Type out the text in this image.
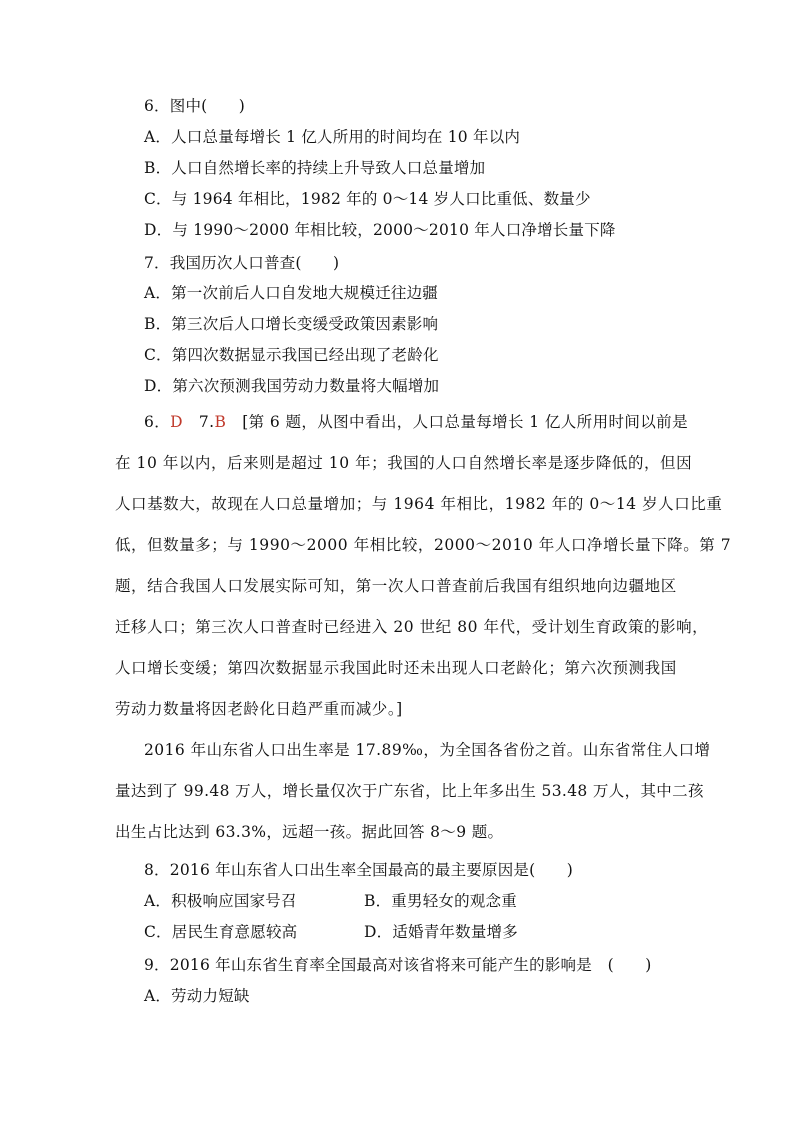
6．图中(　　)
A．人口总量每增长 1 亿人所用的时间均在 10 年以内
B．人口自然增长率的持续上升导致人口总量增加
C．与 1964 年相比，1982 年的 0～14 岁人口比重低、数量少
D．与 1990～2000 年相比较，2000～2010 年人口净增长量下降
7．我国历次人口普查(　　)
A．第一次前后人口自发地大规模迁往边疆
B．第三次后人口增长变缓受政策因素影响
C．第四次数据显示我国已经出现了老龄化
D．第六次预测我国劳动力数量将大幅增加
6．D　7.B　[第 6 题，从图中看出，人口总量每增长 1 亿人所用时间以前是
在 10 年以内，后来则是超过 10 年；我国的人口自然增长率是逐步降低的，但因
人口基数大，故现在人口总量增加；与 1964 年相比，1982 年的 0～14 岁人口比重
低，但数量多；与 1990～2000 年相比较，2000～2010 年人口净增长量下降。第 7
题，结合我国人口发展实际可知，第一次人口普查前后我国有组织地向边疆地区
迁移人口；第三次人口普查时已经进入 20 世纪 80 年代，受计划生育政策的影响，
人口增长变缓；第四次数据显示我国此时还未出现人口老龄化；第六次预测我国
劳动力数量将因老龄化日趋严重而减少。]
2016 年山东省人口出生率是 17.89‰，为全国各省份之首。山东省常住人口增
量达到了 99.48 万人，增长量仅次于广东省，比上年多出生 53.48 万人，其中二孩
出生占比达到 63.3%，远超一孩。据此回答 8～9 题。
8．2016 年山东省人口出生率全国最高的最主要原因是(　　)
A．积极响应国家号召	B．重男轻女的观念重
C．居民生育意愿较高	D．适婚青年数量增多
9．2016 年山东省生育率全国最高对该省将来可能产生的影响是　(　　)
A．劳动力短缺
